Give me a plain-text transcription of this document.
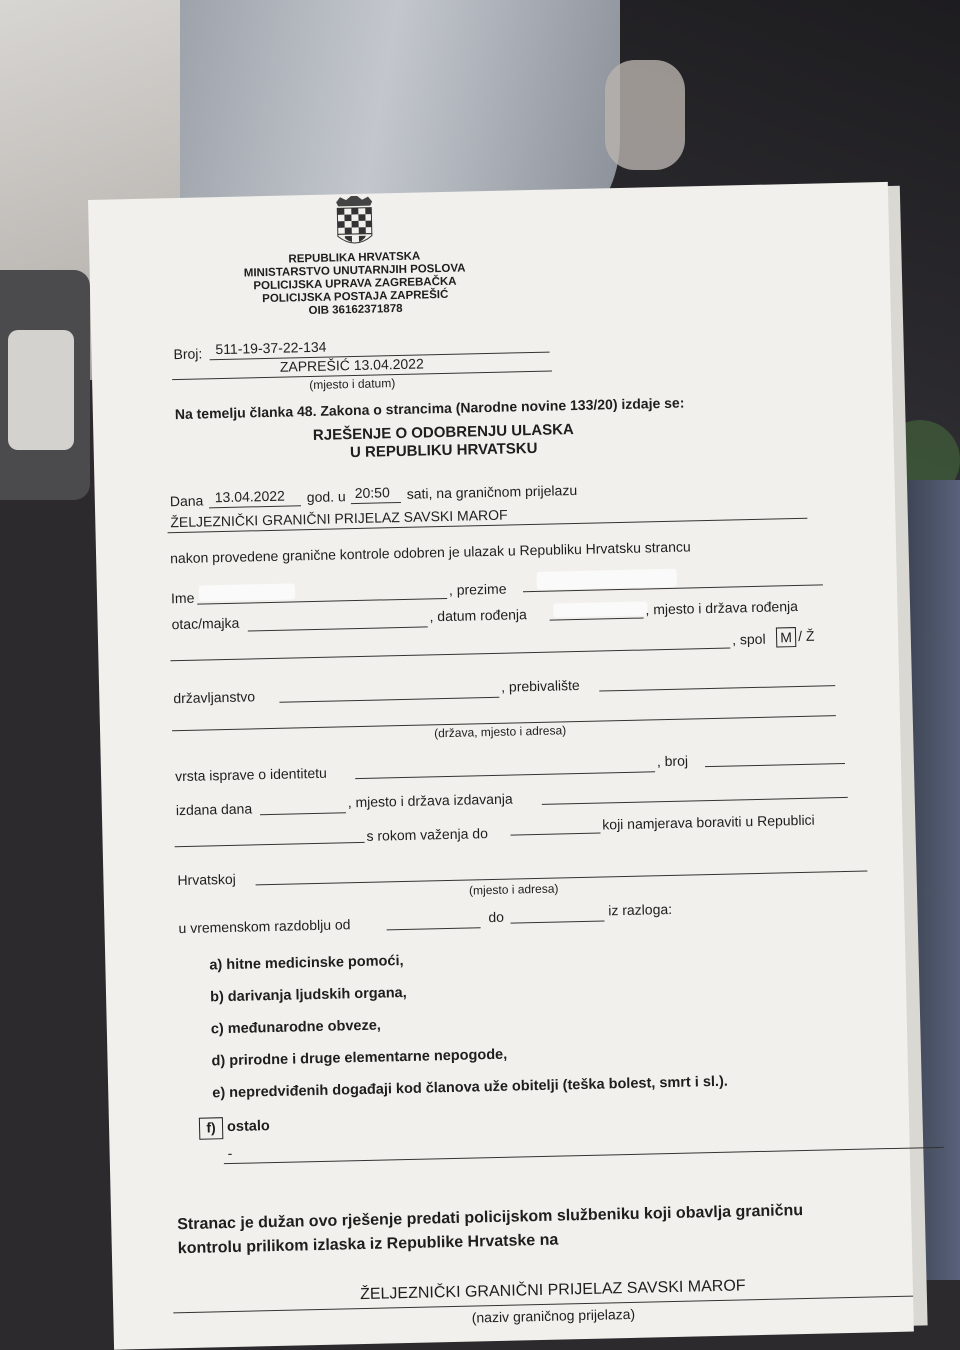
REPUBLIKA HRVATSKA
MINISTARSTVO UNUTARNJIH POSLOVA
POLICIJSKA UPRAVA ZAGREBAČKA
POLICIJSKA POSTAJA ZAPREŠIĆ
OIB 36162371878
Broj: 511-19-37-22-134
ZAPREŠIĆ 13.04.2022
(mjesto i datum)
Na temelju članka 48. Zakona o strancima (Narodne novine 133/20) izdaje se:
RJEŠENJE O ODOBRENJU ULASKA
U REPUBLIKU HRVATSKU
Dana 13.04.2022 god. u 20:50 sati, na graničnom prijelazu
ŽELJEZNIČKI GRANIČNI PRIJELAZ SAVSKI MAROF
nakon provedene granične kontrole odobren je ulazak u Republiku Hrvatsku strancu
Ime
, prezime
otac/majka	, datum rođenja	, mjesto i država rođenja
, spol	M / Ž
državljanstvo
, prebivalište
(država, mjesto i adresa)
vrsta isprave o identitetu
, broj
izdana dana	, mjesto i država izdavanja
s rokom važenja do
koji namjerava boraviti u Republici
Hrvatskoj
(mjesto i adresa)
u vremenskom razdoblju od	do	iz razloga:
a) hitne medicinske pomoći,
b) darivanja ljudskih organa,
c) međunarodne obveze,
d) prirodne i druge elementarne nepogode,
e) nepredviđenih događaji kod članova uže obitelji (teška bolest, smrt i sl.).
f) ostalo
-
Stranac je dužan ovo rješenje predati policijskom službeniku koji obavlja graničnu
kontrolu prilikom izlaska iz Republike Hrvatske na
ŽELJEZNIČKI GRANIČNI PRIJELAZ SAVSKI MAROF
(naziv graničnog prijelaza)
